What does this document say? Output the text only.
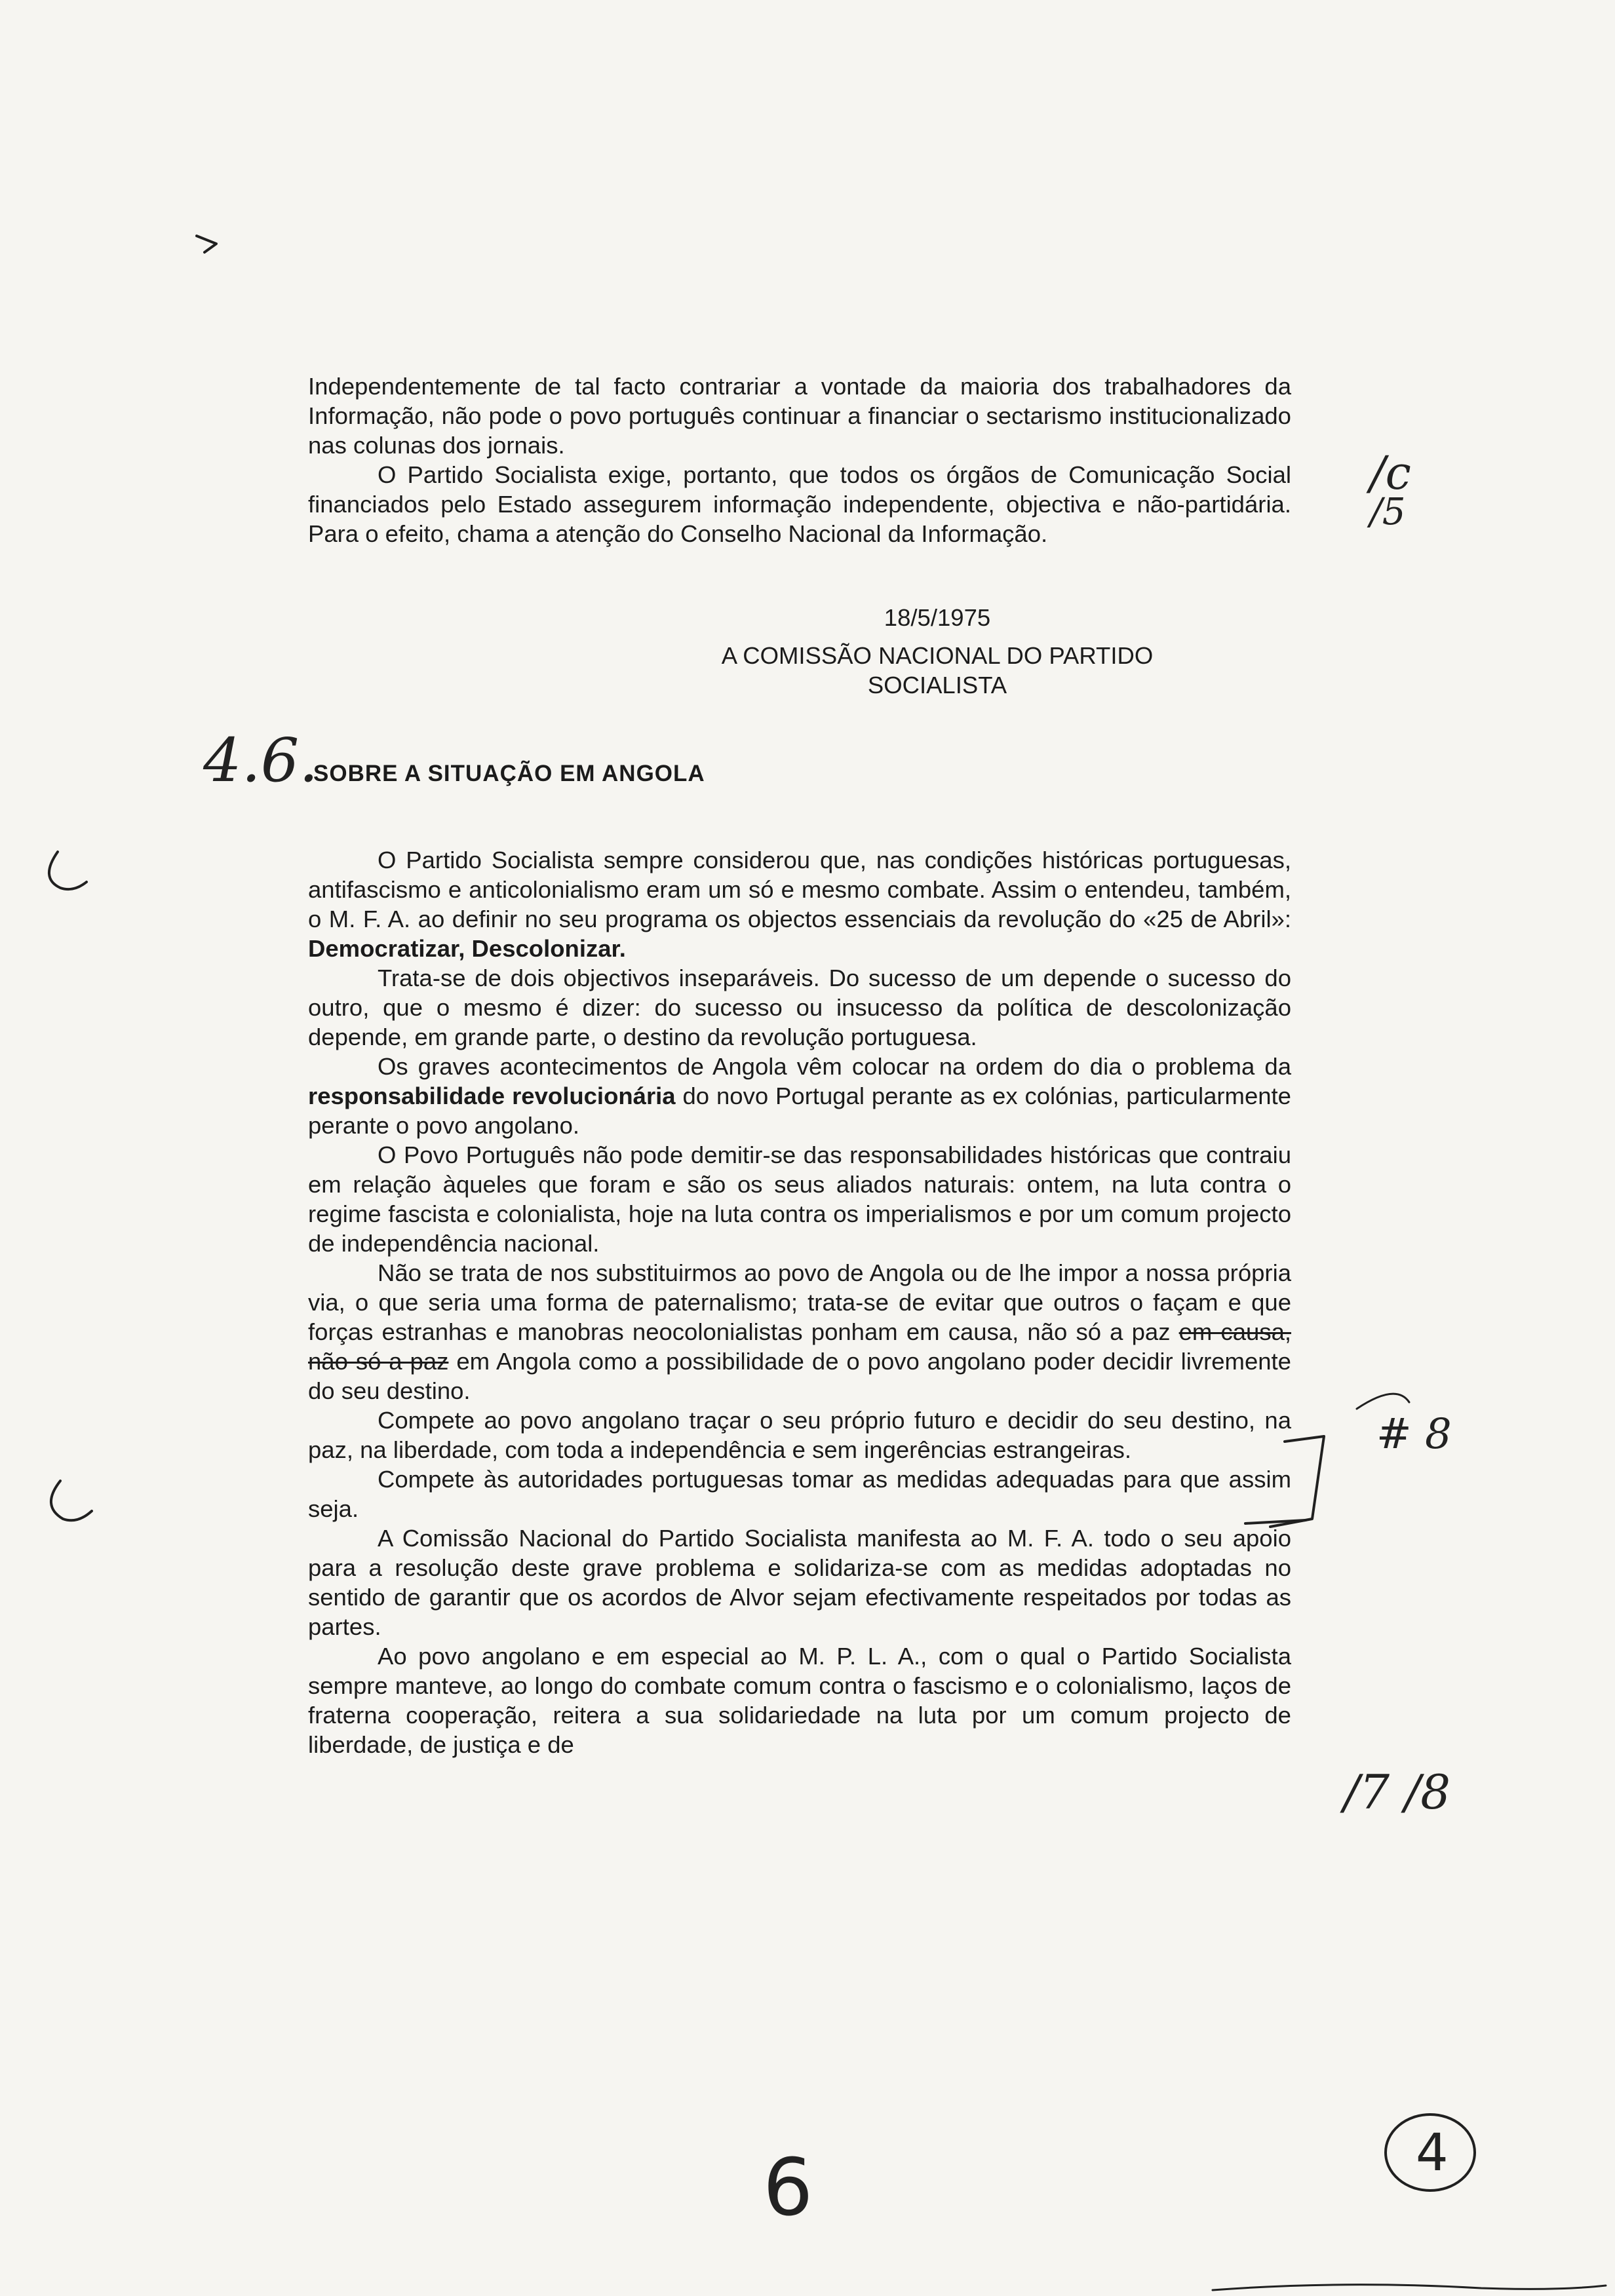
Independentemente de tal facto contrariar a vontade da maioria dos trabalhadores da Informação, não pode o povo português continuar a financiar o sectarismo institucionalizado nas colunas dos jornais.

O Partido Socialista exige, portanto, que todos os órgãos de Comunicação Social financiados pelo Estado assegurem informação independente, objectiva e não-partidária. Para o efeito, chama a atenção do Conselho Nacional da Informação.

18/5/1975

A COMISSÃO NACIONAL DO PARTIDO SOCIALISTA

SOBRE A SITUAÇÃO EM ANGOLA

O Partido Socialista sempre considerou que, nas condições históricas portuguesas, antifascismo e anticolonialismo eram um só e mesmo combate. Assim o entendeu, também, o M. F. A. ao definir no seu programa os objectos essenciais da revolução do «25 de Abril»: Democratizar, Descolonizar.

Trata-se de dois objectivos inseparáveis. Do sucesso de um depende o sucesso do outro, que o mesmo é dizer: do sucesso ou insucesso da política de descolonização depende, em grande parte, o destino da revolução portuguesa.

Os graves acontecimentos de Angola vêm colocar na ordem do dia o problema da responsabilidade revolucionária do novo Portugal perante as ex colónias, particularmente perante o povo angolano.

O Povo Português não pode demitir-se das responsabilidades históricas que contraiu em relação àqueles que foram e são os seus aliados naturais: ontem, na luta contra o regime fascista e colonialista, hoje na luta contra os imperialismos e por um comum projecto de independência nacional.

Não se trata de nos substituirmos ao povo de Angola ou de lhe impor a nossa própria via, o que seria uma forma de paternalismo; trata-se de evitar que outros o façam e que forças estranhas e manobras neocolonialistas ponham em causa, não só a paz em causa, não só a paz em Angola como a possibilidade de o povo angolano poder decidir livremente do seu destino.

Compete ao povo angolano traçar o seu próprio futuro e decidir do seu destino, na paz, na liberdade, com toda a independência e sem ingerências estrangeiras.

Compete às autoridades portuguesas tomar as medidas adequadas para que assim seja.

A Comissão Nacional do Partido Socialista manifesta ao M. F. A. todo o seu apoio para a resolução deste grave problema e solidariza-se com as medidas adoptadas no sentido de garantir que os acordos de Alvor sejam efectivamente respeitados por todas as partes.

Ao povo angolano e em especial ao M. P. L. A., com o qual o Partido Socialista sempre manteve, ao longo do combate comum contra o fascismo e o colonialismo, laços de fraterna cooperação, reitera a sua solidariedade na luta por um comum projecto de liberdade, de justiça e de

4.6.
/c
/5
# 8
/7 /8
6	4
